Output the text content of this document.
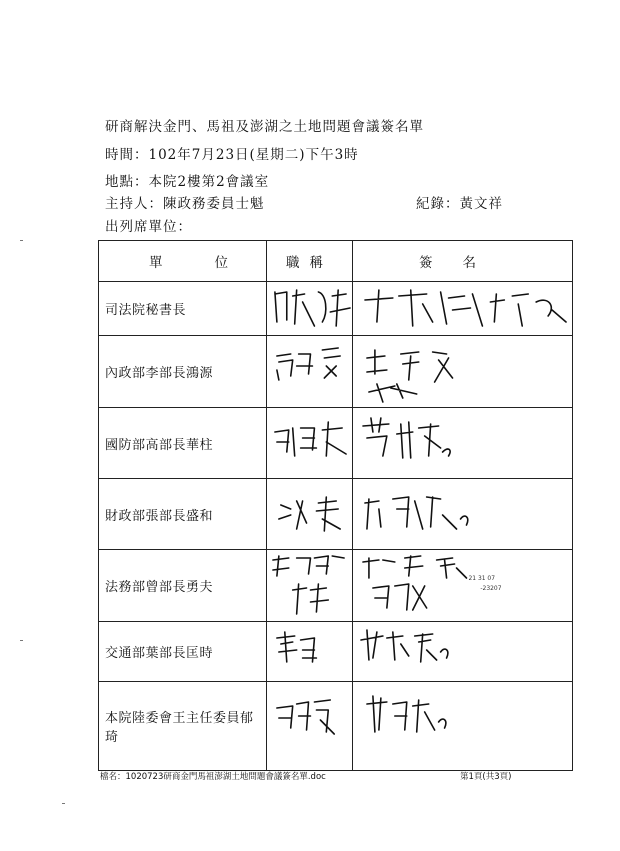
研商解決金門、馬祖及澎湖之土地問題會議簽名單
時間：102年7月23日(星期二)下午3時
地點：本院2樓第2會議室
主持人：陳政務委員士魁	紀錄：黃文祥
出列席單位：
單 位	職稱	簽名
司法院秘書長	

內政部李部長鴻源	

國防部高部長華柱	

財政部張部長盛和	

法務部曾部長勇夫		21 31 07
-23207

交通部葉部長匡時	

本院陸委會王主任委員郁琦	

檔名：1020723研商金門馬祖澎湖土地問題會議簽名單.doc	第1頁(共3頁)
